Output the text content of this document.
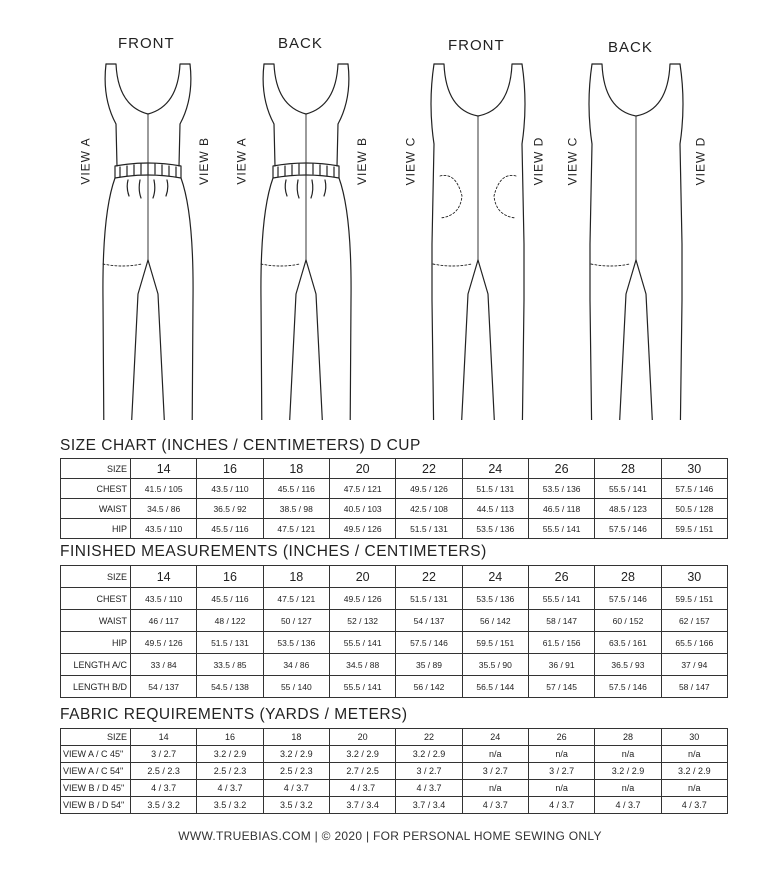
FRONT	BACK	FRONT	BACK
VIEW A	VIEW B VIEW A	VIEW B	VIEW C	VIEW D VIEW C	VIEW D
SIZE CHART (INCHES / CENTIMETERS) D CUP
SIZE	14	16	18	20	22	24	26	28	30
CHEST	41.5 / 105	43.5 / 110	45.5 / 116	47.5 / 121	49.5 / 126	51.5 / 131	53.5 / 136	55.5 / 141	57.5 / 146
WAIST	34.5 / 86	36.5 / 92	38.5 / 98	40.5 / 103	42.5 / 108	44.5 / 113	46.5 / 118	48.5 / 123	50.5 / 128
HIP	43.5 / 110	45.5 / 116	47.5 / 121	49.5 / 126	51.5 / 131	53.5 / 136	55.5 / 141	57.5 / 146	59.5 / 151
FINISHED MEASUREMENTS (INCHES / CENTIMETERS)
SIZE	14	16	18	20	22	24	26	28	30
CHEST	43.5 / 110	45.5 / 116	47.5 / 121	49.5 / 126	51.5 / 131	53.5 / 136	55.5 / 141	57.5 / 146	59.5 / 151
WAIST	46 / 117	48 / 122	50 / 127	52 / 132	54 / 137	56 / 142	58 / 147	60 / 152	62 / 157
HIP	49.5 / 126	51.5 / 131	53.5 / 136	55.5 / 141	57.5 / 146	59.5 / 151	61.5 / 156	63.5 / 161	65.5 / 166
LENGTH A/C	33 / 84	33.5 / 85	34 / 86	34.5 / 88	35 / 89	35.5 / 90	36 / 91	36.5 / 93	37 / 94
LENGTH B/D	54 / 137	54.5 / 138	55 / 140	55.5 / 141	56 / 142	56.5 / 144	57 / 145	57.5 / 146	58 / 147
FABRIC REQUIREMENTS (YARDS / METERS)
SIZE	14	16	18	20	22	24	26	28	30
VIEW A / C 45"	3 / 2.7	3.2 / 2.9	3.2 / 2.9	3.2 / 2.9	3.2 / 2.9	n/a	n/a	n/a	n/a
VIEW A / C 54"	2.5 / 2.3	2.5 / 2.3	2.5 / 2.3	2.7 / 2.5	3 / 2.7	3 / 2.7	3 / 2.7	3.2 / 2.9	3.2 / 2.9
VIEW B / D 45"	4 / 3.7	4 / 3.7	4 / 3.7	4 / 3.7	4 / 3.7	n/a	n/a	n/a	n/a
VIEW B / D 54"	3.5 / 3.2	3.5 / 3.2	3.5 / 3.2	3.7 / 3.4	3.7 / 3.4	4 / 3.7	4 / 3.7	4 / 3.7	4 / 3.7
WWW.TRUEBIAS.COM | © 2020 | FOR PERSONAL HOME SEWING ONLY
